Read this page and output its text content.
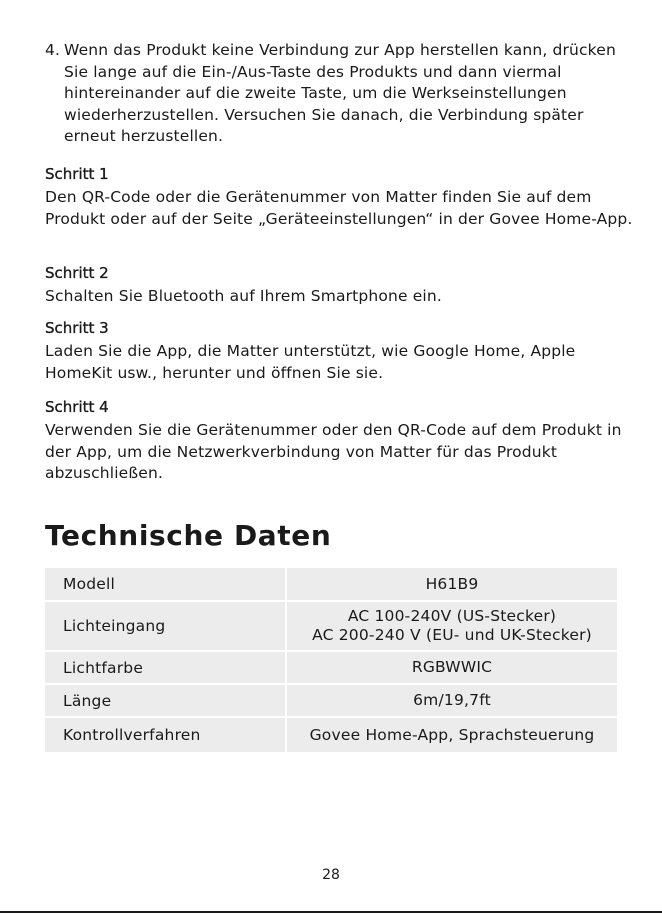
4. Wenn das Produkt keine Verbindung zur App herstellen kann, drücken Sie lange auf die Ein-/Aus-Taste des Produkts und dann viermal hintereinander auf die zweite Taste, um die Werkseinstellungen wiederherzustellen. Versuchen Sie danach, die Verbindung später erneut herzustellen.

Schritt 1

Den QR-Code oder die Gerätenummer von Matter finden Sie auf dem Produkt oder auf der Seite „Geräteeinstellungen“ in der Govee Home-App.

Schritt 2

Schalten Sie Bluetooth auf Ihrem Smartphone ein.

Schritt 3

Laden Sie die App, die Matter unterstützt, wie Google Home, Apple HomeKit usw., herunter und öffnen Sie sie.

Schritt 4

Verwenden Sie die Gerätenummer oder den QR-Code auf dem Produkt in der App, um die Netzwerkverbindung von Matter für das Produkt abzuschließen.

Technische Daten
Modell	H61B9

Lichteingang	AC 100-240V (US-Stecker)
AC 200-240 V (EU- und UK-Stecker)

Lichtfarbe	RGBWWIC

Länge	6m/19,7ft

Kontrollverfahren	Govee Home-App, Sprachsteuerung
28
